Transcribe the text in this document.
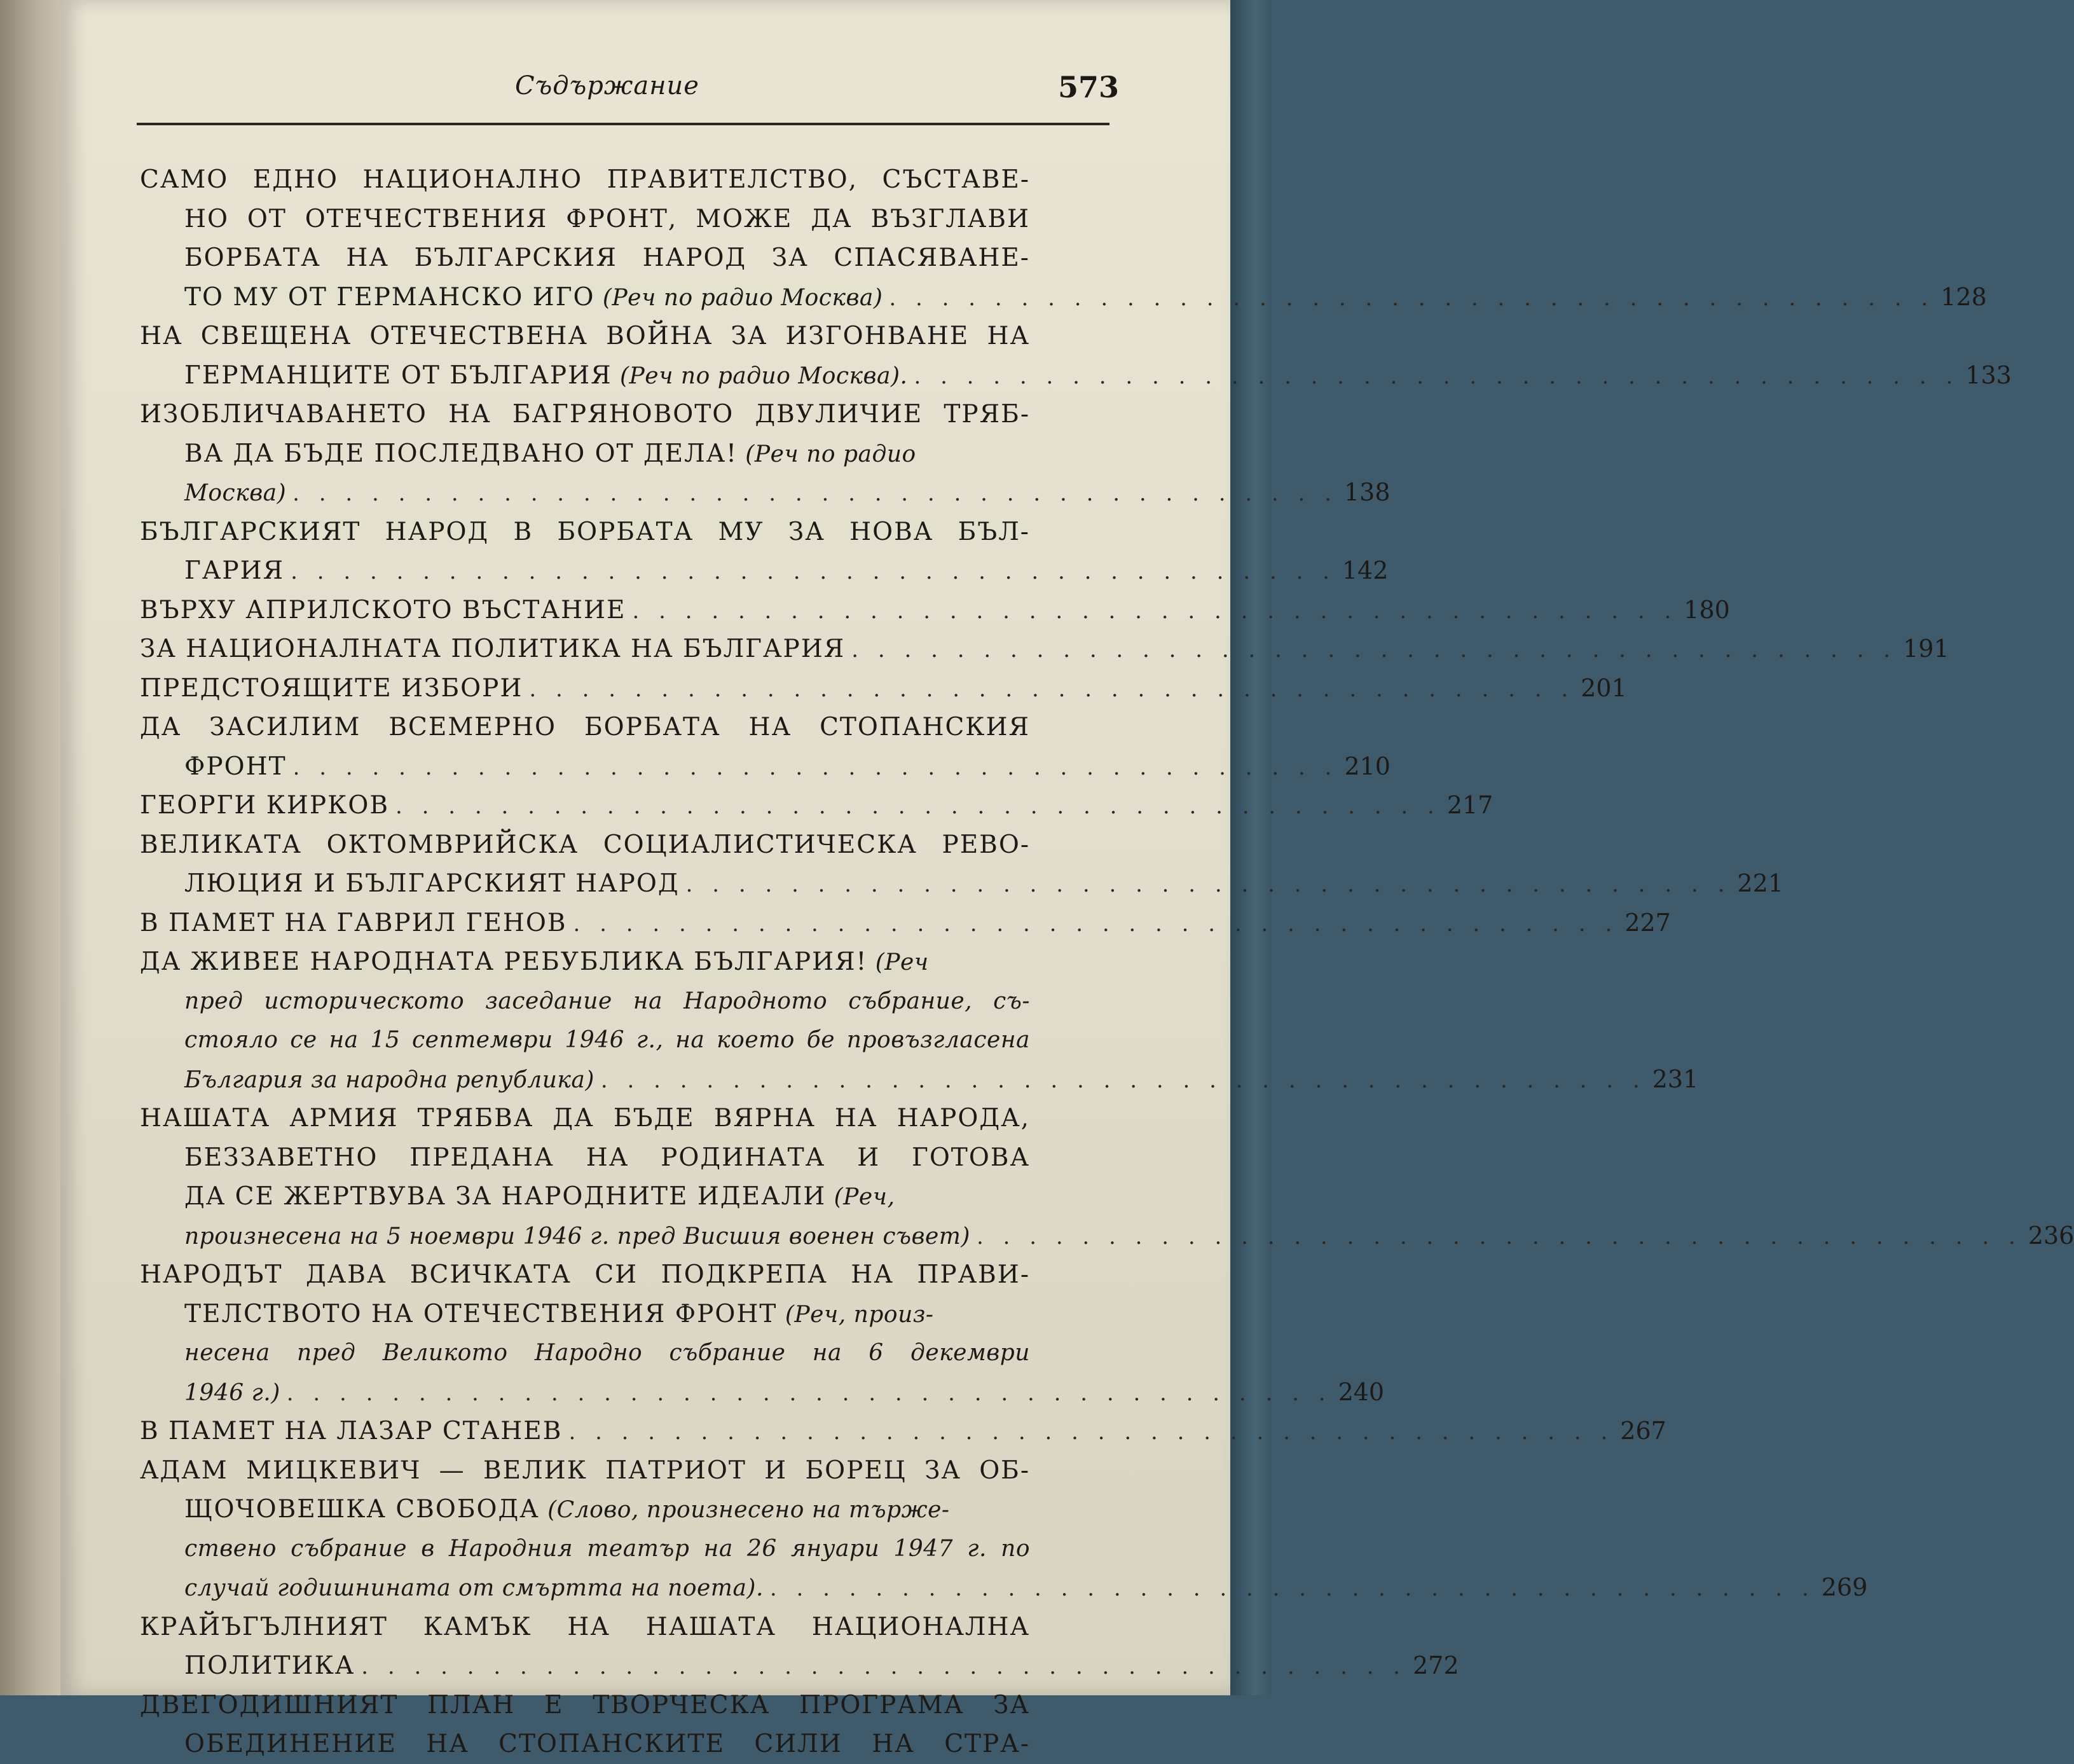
Съдържание	573
САМО ЕДНО НАЦИОНАЛНО ПРАВИТЕЛСТВО, СЪСТАВЕ-
НО ОТ ОТЕЧЕСТВЕНИЯ ФРОНТ, МОЖЕ ДА ВЪЗГЛАВИ
БОРБАТА НА БЪЛГАРСКИЯ НАРОД ЗА СПАСЯВАНЕ-
ТО МУ ОТ ГЕРМАНСКО ИГО
(Реч по радио Москва) . . . . . . . . . . . . . . . . . . . . . . . . . . . . . . . . . . . . . . . . 128
НА СВЕЩЕНА ОТЕЧЕСТВЕНА ВОЙНА ЗА ИЗГОНВАНЕ НА
ГЕРМАНЦИТЕ ОТ БЪЛГАРИЯ
(Реч по радио Москва). . . . . . . . . . . . . . . . . . . . . . . . . . . . . . . . . . . . . . . . . 133
ИЗОБЛИЧАВАНЕТО НА БАГРЯНОВОТО ДВУЛИЧИЕ ТРЯБ-
ВА ДА БЪДЕ ПОСЛЕДВАНО ОТ ДЕЛА!
(Реч по радио
Москва) . . . . . . . . . . . . . . . . . . . . . . . . . . . . . . . . . . . . . . . . 138
БЪЛГАРСКИЯТ НАРОД В БОРБАТА МУ ЗА НОВА БЪЛ-
ГАРИЯ . . . . . . . . . . . . . . . . . . . . . . . . . . . . . . . . . . . . . . . . 142
ВЪРХУ АПРИЛСКОТО ВЪСТАНИЕ . . . . . . . . . . . . . . . . . . . . . . . . . . . . . . . . . . . . . . . . 180
ЗА НАЦИОНАЛНАТА ПОЛИТИКА НА БЪЛГАРИЯ . . . . . . . . . . . . . . . . . . . . . . . . . . . . . . . . . . . . . . . . 191
ПРЕДСТОЯЩИТЕ ИЗБОРИ . . . . . . . . . . . . . . . . . . . . . . . . . . . . . . . . . . . . . . . . 201
ДА ЗАСИЛИМ ВСЕМЕРНО БОРБАТА НА СТОПАНСКИЯ
ФРОНТ . . . . . . . . . . . . . . . . . . . . . . . . . . . . . . . . . . . . . . . . 210
ГЕОРГИ КИРКОВ . . . . . . . . . . . . . . . . . . . . . . . . . . . . . . . . . . . . . . . . 217
ВЕЛИКАТА ОКТОМВРИЙСКА СОЦИАЛИСТИЧЕСКА РЕВО-
ЛЮЦИЯ И БЪЛГАРСКИЯТ НАРОД . . . . . . . . . . . . . . . . . . . . . . . . . . . . . . . . . . . . . . . . 221
В ПАМЕТ НА ГАВРИЛ ГЕНОВ . . . . . . . . . . . . . . . . . . . . . . . . . . . . . . . . . . . . . . . . 227
ДА ЖИВЕЕ НАРОДНАТА РЕБУБЛИКА БЪЛГАРИЯ!
(Реч
пред историческото заседание на Народното събрание, съ-
стояло се на 15 септември 1946 г., на което бе провъзгласена
България за народна република) . . . . . . . . . . . . . . . . . . . . . . . . . . . . . . . . . . . . . . . . 231
НАШАТА АРМИЯ ТРЯБВА ДА БЪДЕ ВЯРНА НА НАРОДА,
БЕЗЗАВЕТНО ПРЕДАНА НА РОДИНАТА И ГОТОВА
ДА СЕ ЖЕРТВУВА ЗА НАРОДНИТЕ ИДЕАЛИ
(Реч,
произнесена на 5 ноември 1946 г. пред Висшия военен съвет) . . . . . . . . . . . . . . . . . . . . . . . . . . . . . . . . . . . . . . . . 236
НАРОДЪТ ДАВА ВСИЧКАТА СИ ПОДКРЕПА НА ПРАВИ-
ТЕЛСТВОТО НА ОТЕЧЕСТВЕНИЯ ФРОНТ
(Реч, произ-
несена пред Великото Народно събрание на 6 декември
1946 г.) . . . . . . . . . . . . . . . . . . . . . . . . . . . . . . . . . . . . . . . . 240
В ПАМЕТ НА ЛАЗАР СТАНЕВ . . . . . . . . . . . . . . . . . . . . . . . . . . . . . . . . . . . . . . . . 267
АДАМ МИЦКЕВИЧ — ВЕЛИК ПАТРИОТ И БОРЕЦ ЗА ОБ-
ЩОЧОВЕШКА СВОБОДА
(Слово, произнесено на търже-
ствено събрание в Народния театър на 26 януари 1947 г. по
случай годишнината от смъртта на поета). . . . . . . . . . . . . . . . . . . . . . . . . . . . . . . . . . . . . . . . . 269
КРАЙЪГЪЛНИЯТ КАМЪК НА НАШАТА НАЦИОНАЛНА
ПОЛИТИКА . . . . . . . . . . . . . . . . . . . . . . . . . . . . . . . . . . . . . . . . 272
ДВЕГОДИШНИЯТ ПЛАН Е ТВОРЧЕСКА ПРОГРАМА ЗА
ОБЕДИНЕНИЕ НА СТОПАНСКИТЕ СИЛИ НА СТРА-
